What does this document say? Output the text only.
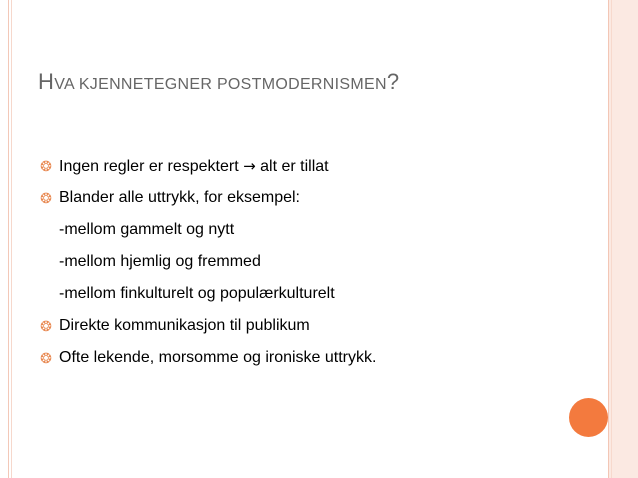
HVA KJENNETEGNER POSTMODERNISMEN?
❂ Ingen regler er respektert → alt er tillat
❂ Blander alle uttrykk, for eksempel:
-mellom gammelt og nytt
-mellom hjemlig og fremmed
-mellom finkulturelt og populærkulturelt
❂ Direkte kommunikasjon til publikum
❂ Ofte lekende, morsomme og ironiske uttrykk.
